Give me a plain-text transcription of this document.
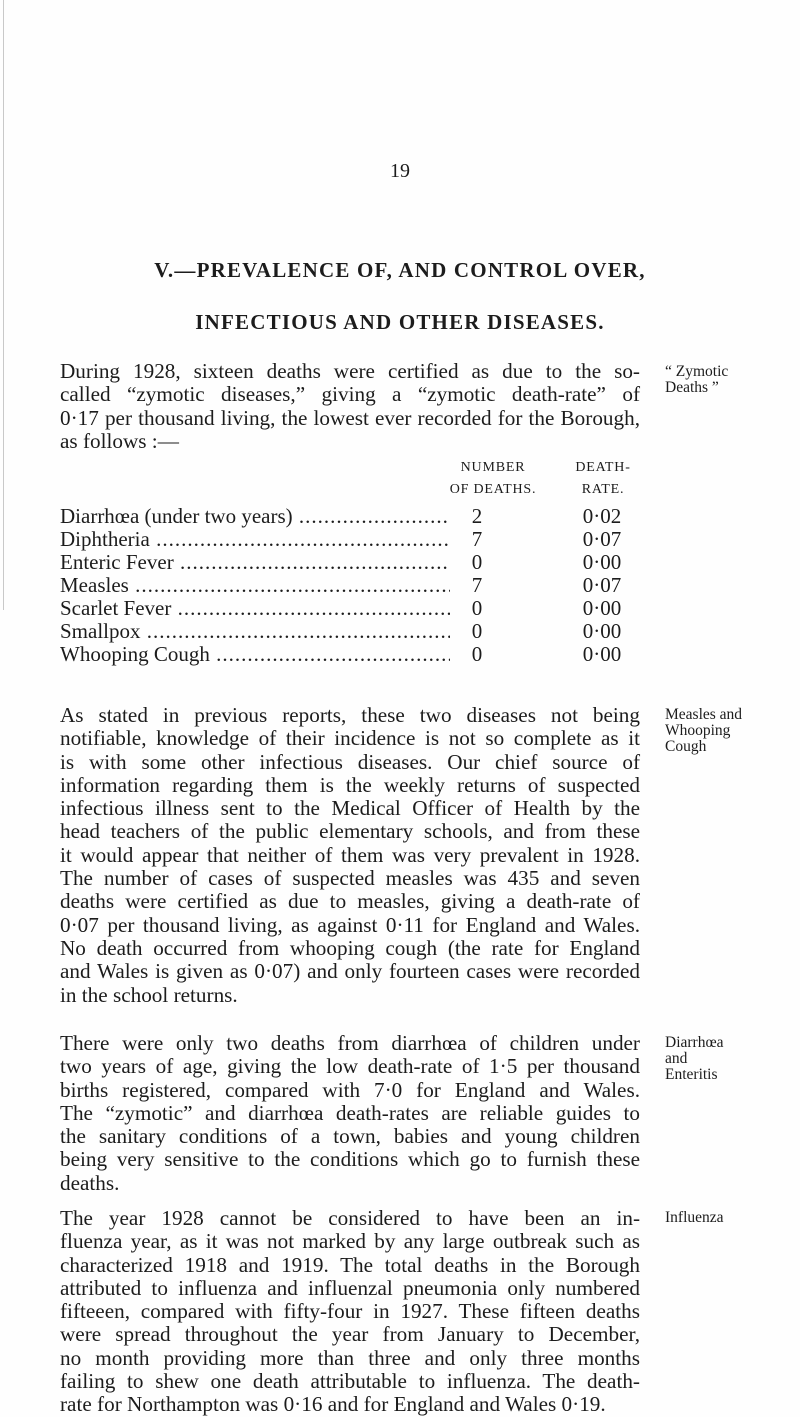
19
V.—PREVALENCE OF, AND CONTROL OVER,
INFECTIOUS AND OTHER DISEASES.
During 1928, sixteen deaths were certified as due to the so-
called “zymotic diseases,” giving a “zymotic death-rate” of
0·17 per thousand living, the lowest ever recorded for the Borough,
as follows :—
“ Zymotic
Deaths ”
NUMBER
OF DEATHS.
DEATH-
RATE.
Diarrhœa (under two years) .....	2	0·02
Diphtheria .....	7	0·07
Enteric Fever .....	0	0·00
Measles .....	7	0·07
Scarlet Fever .....	0	0·00
Smallpox .....	0	0·00
Whooping Cough .....	0	0·00
As stated in previous reports, these two diseases not being
notifiable, knowledge of their incidence is not so complete as it
is with some other infectious diseases. Our chief source of
information regarding them is the weekly returns of suspected
infectious illness sent to the Medical Officer of Health by the
head teachers of the public elementary schools, and from these
it would appear that neither of them was very prevalent in 1928.
The number of cases of suspected measles was 435 and seven
deaths were certified as due to measles, giving a death-rate of
0·07 per thousand living, as against 0·11 for England and Wales.
No death occurred from whooping cough (the rate for England
and Wales is given as 0·07) and only fourteen cases were recorded
in the school returns.
Measles and
Whooping
Cough
There were only two deaths from diarrhœa of children under
two years of age, giving the low death-rate of 1·5 per thousand
births registered, compared with 7·0 for England and Wales.
The “zymotic” and diarrhœa death-rates are reliable guides to
the sanitary conditions of a town, babies and young children
being very sensitive to the conditions which go to furnish these
deaths.
Diarrhœa
and
Enteritis
The year 1928 cannot be considered to have been an in-
fluenza year, as it was not marked by any large outbreak such as
characterized 1918 and 1919. The total deaths in the Borough
attributed to influenza and influenzal pneumonia only numbered
fifteeen, compared with fifty-four in 1927. These fifteen deaths
were spread throughout the year from January to December,
no month providing more than three and only three months
failing to shew one death attributable to influenza. The death-
rate for Northampton was 0·16 and for England and Wales 0·19.
Influenza
